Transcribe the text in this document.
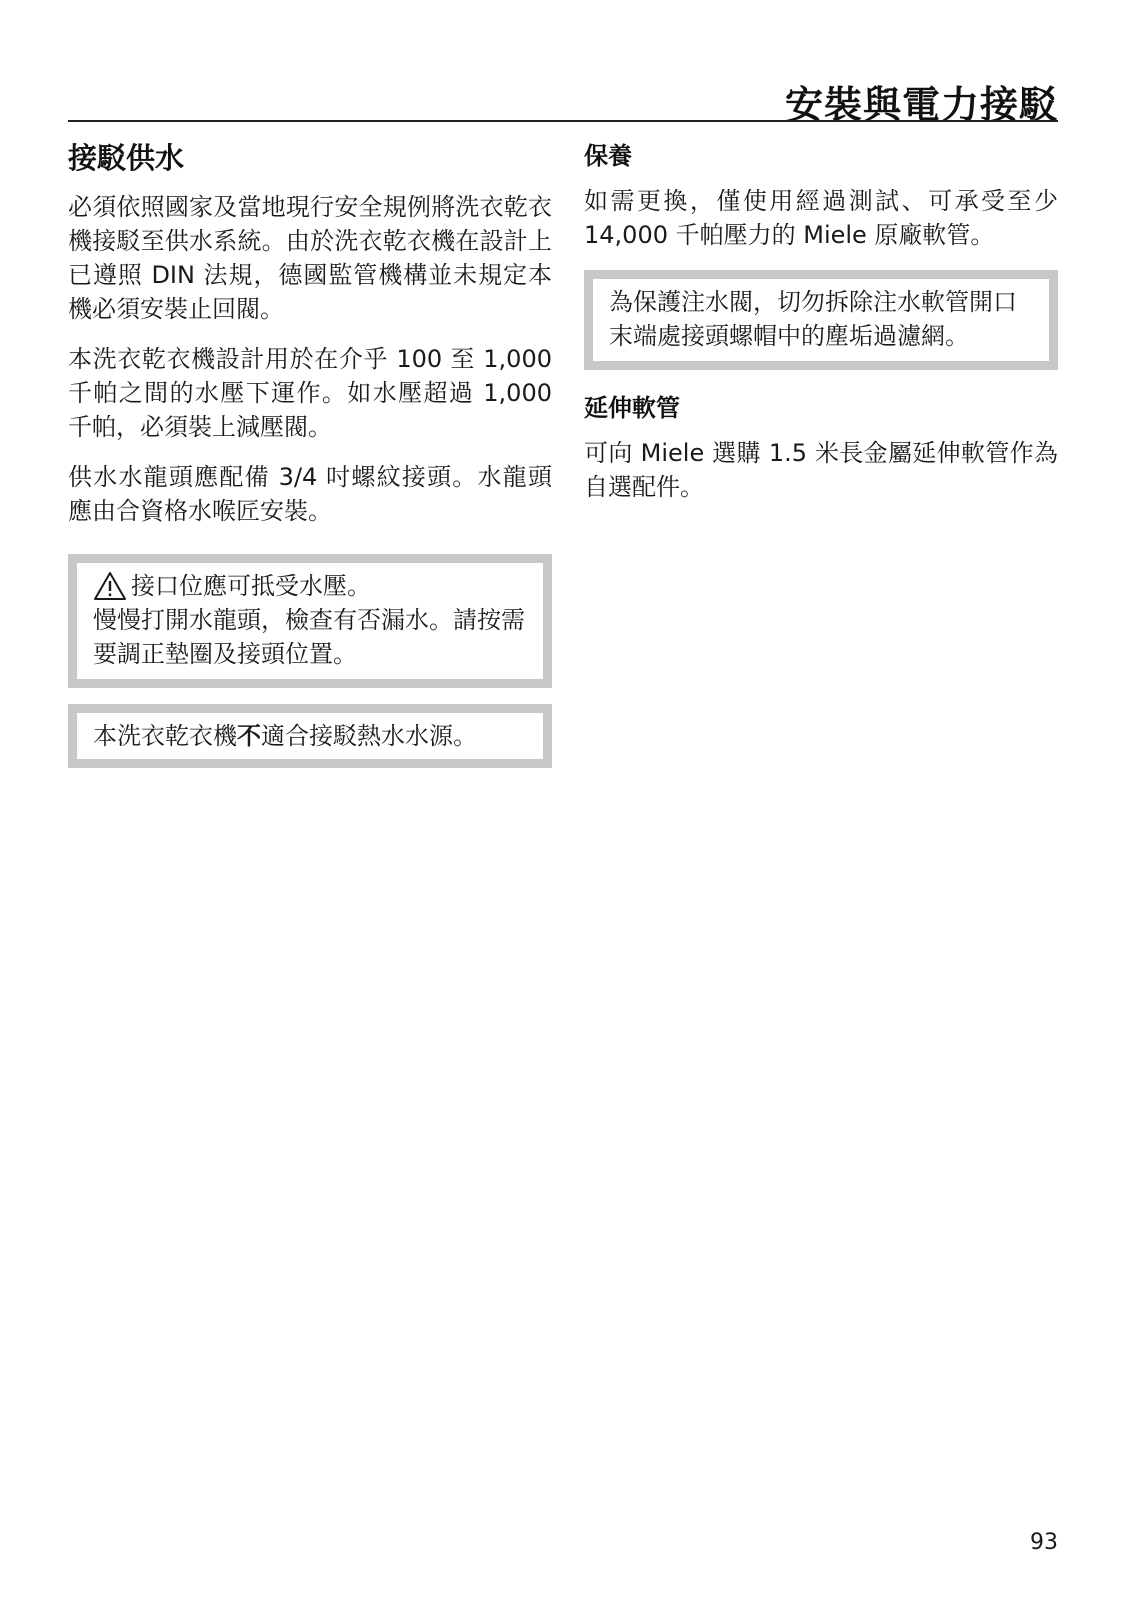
安裝與電力接駁
接駁供水

必須依照國家及當地現行安全規例將洗衣乾衣機接駁至供水系統。由於洗衣乾衣機在設計上已遵照 DIN 法規，德國監管機構並未規定本機必須安裝止回閥。

本洗衣乾衣機設計用於在介乎 100 至 1,000 千帕之間的水壓下運作。如水壓超過 1,000 千帕，必須裝上減壓閥。

供水水龍頭應配備 3/4 吋螺紋接頭。水龍頭應由合資格水喉匠安裝。

接口位應可抵受水壓。
慢慢打開水龍頭，檢查有否漏水。請按需要調正墊圈及接頭位置。
本洗衣乾衣機不適合接駁熱水水源。
保養

如需更換，僅使用經過測試、可承受至少 14,000 千帕壓力的 Miele 原廠軟管。

為保護注水閥，切勿拆除注水軟管開口末端處接頭螺帽中的塵垢過濾網。
延伸軟管

可向 Miele 選購 1.5 米長金屬延伸軟管作為自選配件。

93
